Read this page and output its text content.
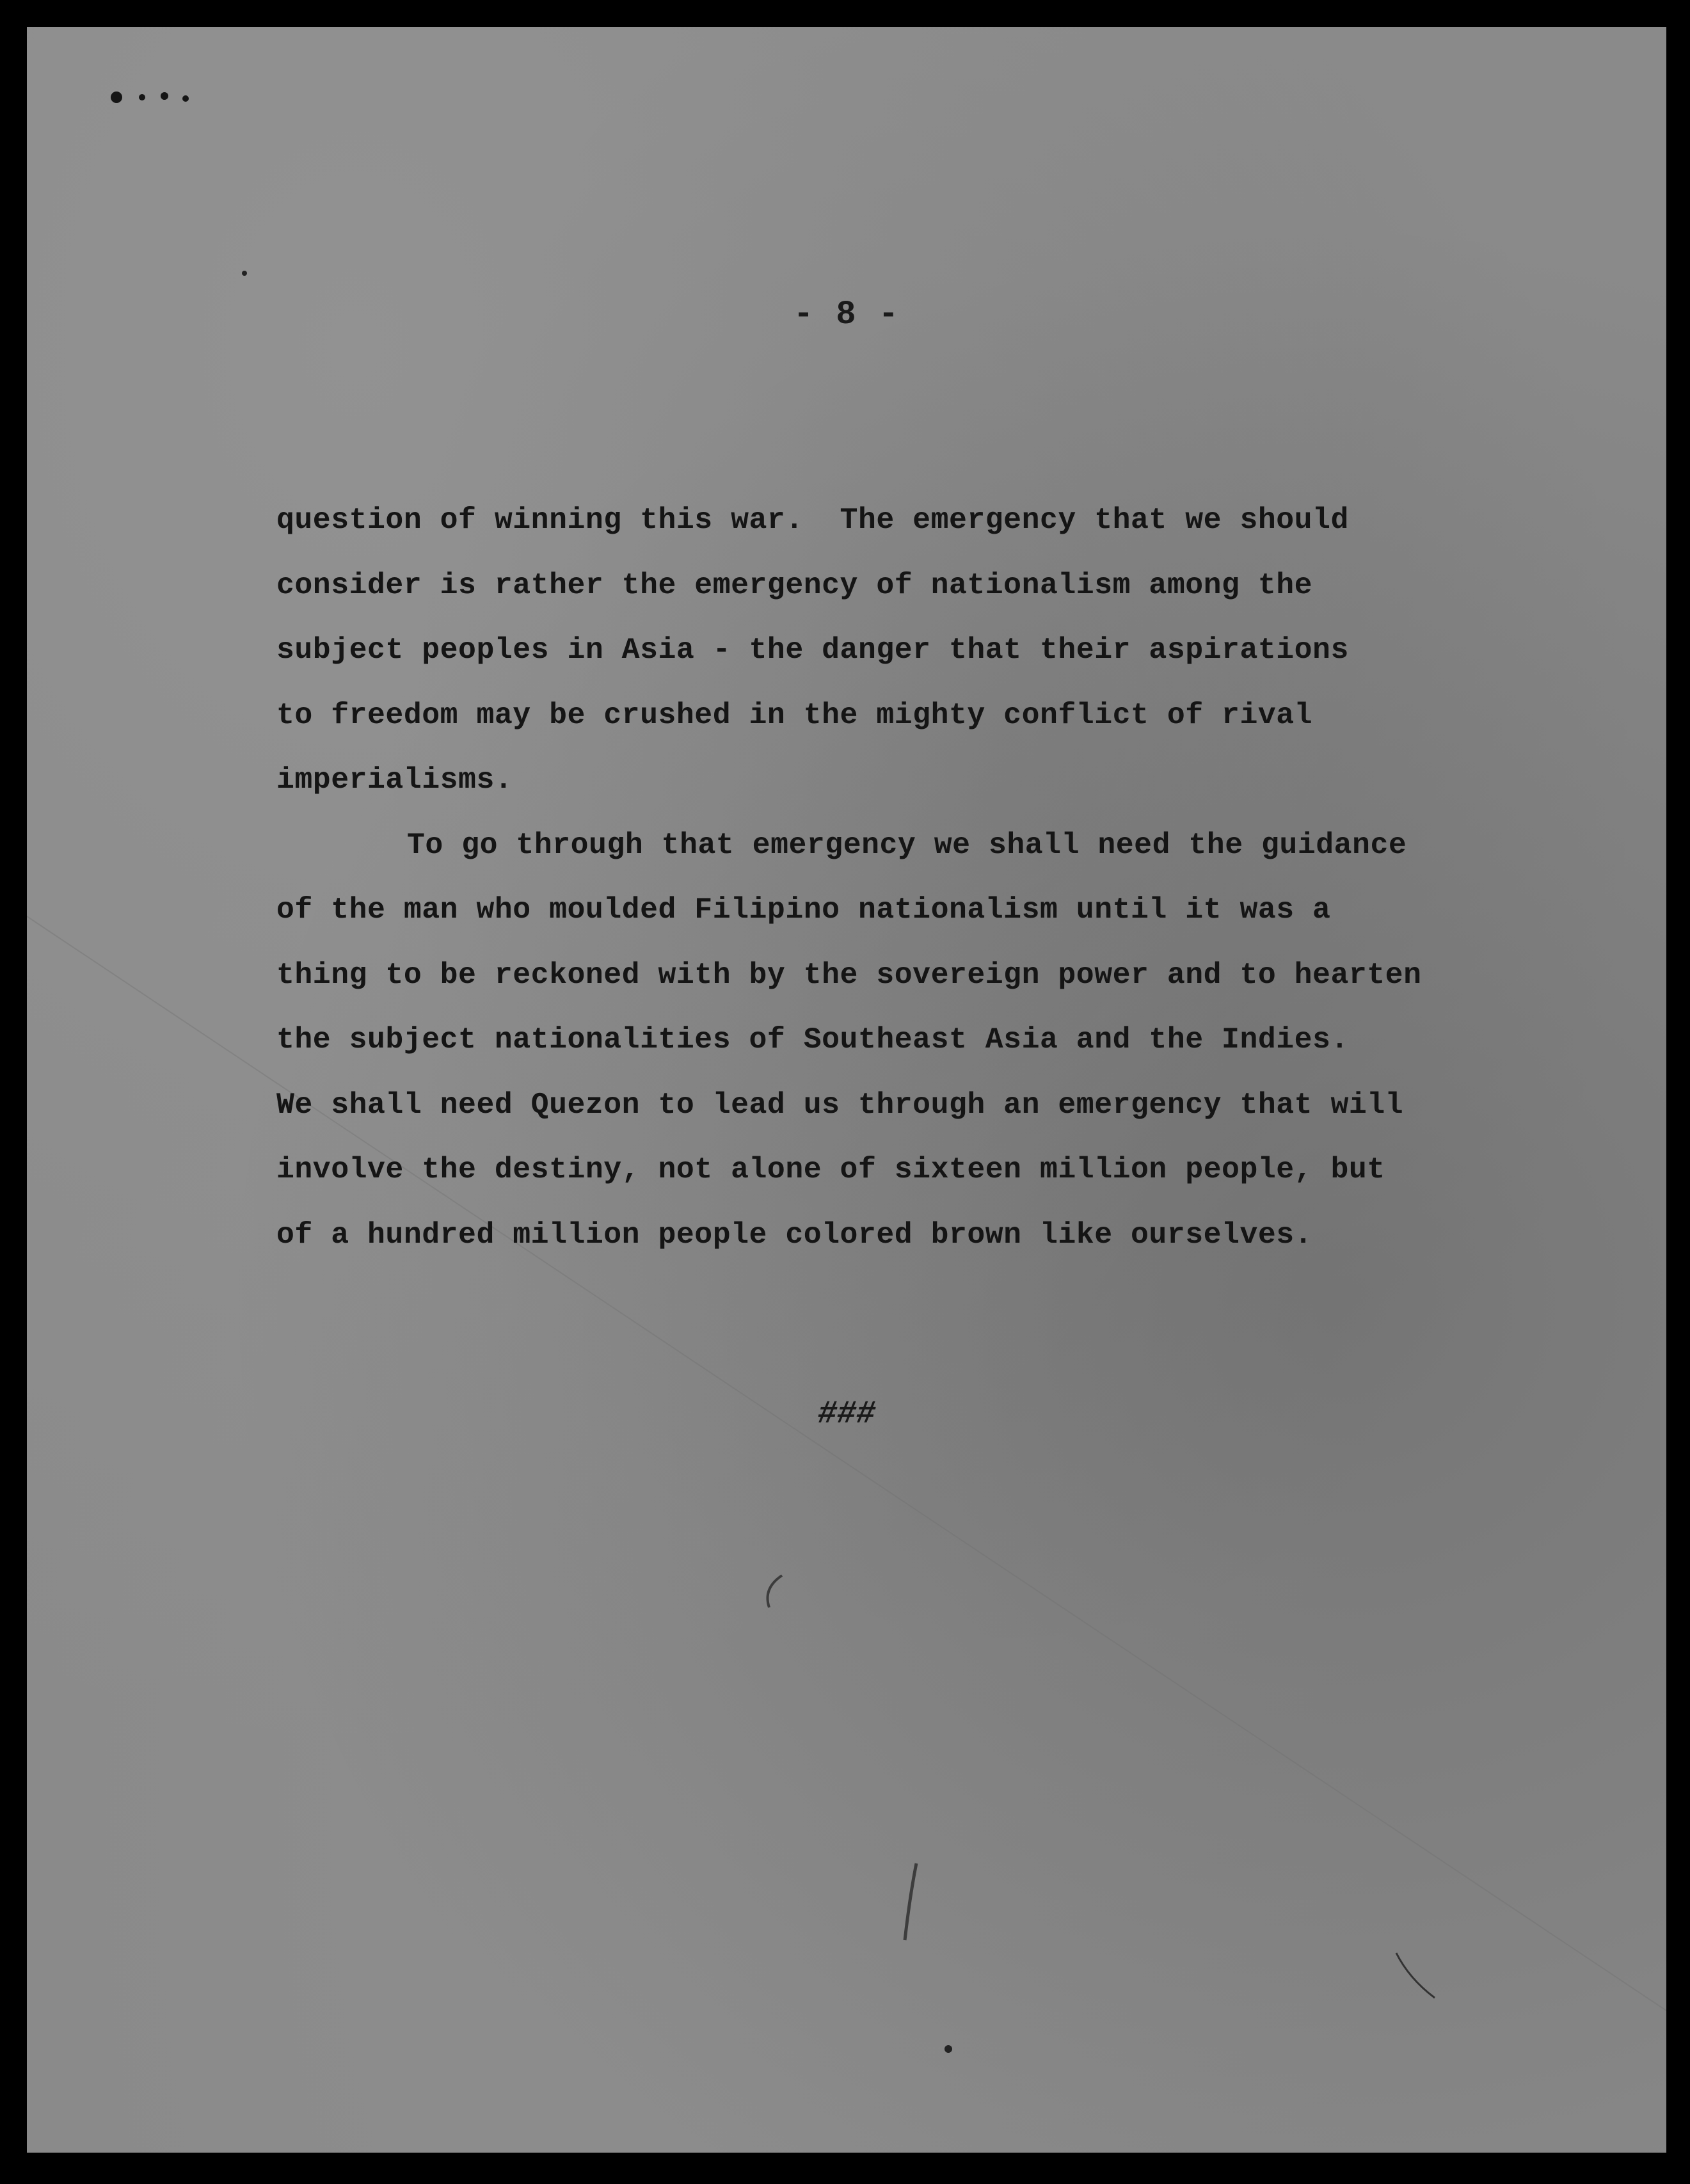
- 8 -

question of winning this war.  The emergency that we should
consider is rather the emergency of nationalism among the
subject peoples in Asia - the danger that their aspirations
to freedom may be crushed in the mighty conflict of rival
imperialisms.
To go through that emergency we shall need the guidance
of the man who moulded Filipino nationalism until it was a
thing to be reckoned with by the sovereign power and to hearten
the subject nationalities of Southeast Asia and the Indies.
We shall need Quezon to lead us through an emergency that will
involve the destiny, not alone of sixteen million people, but
of a hundred million people colored brown like ourselves.

###
